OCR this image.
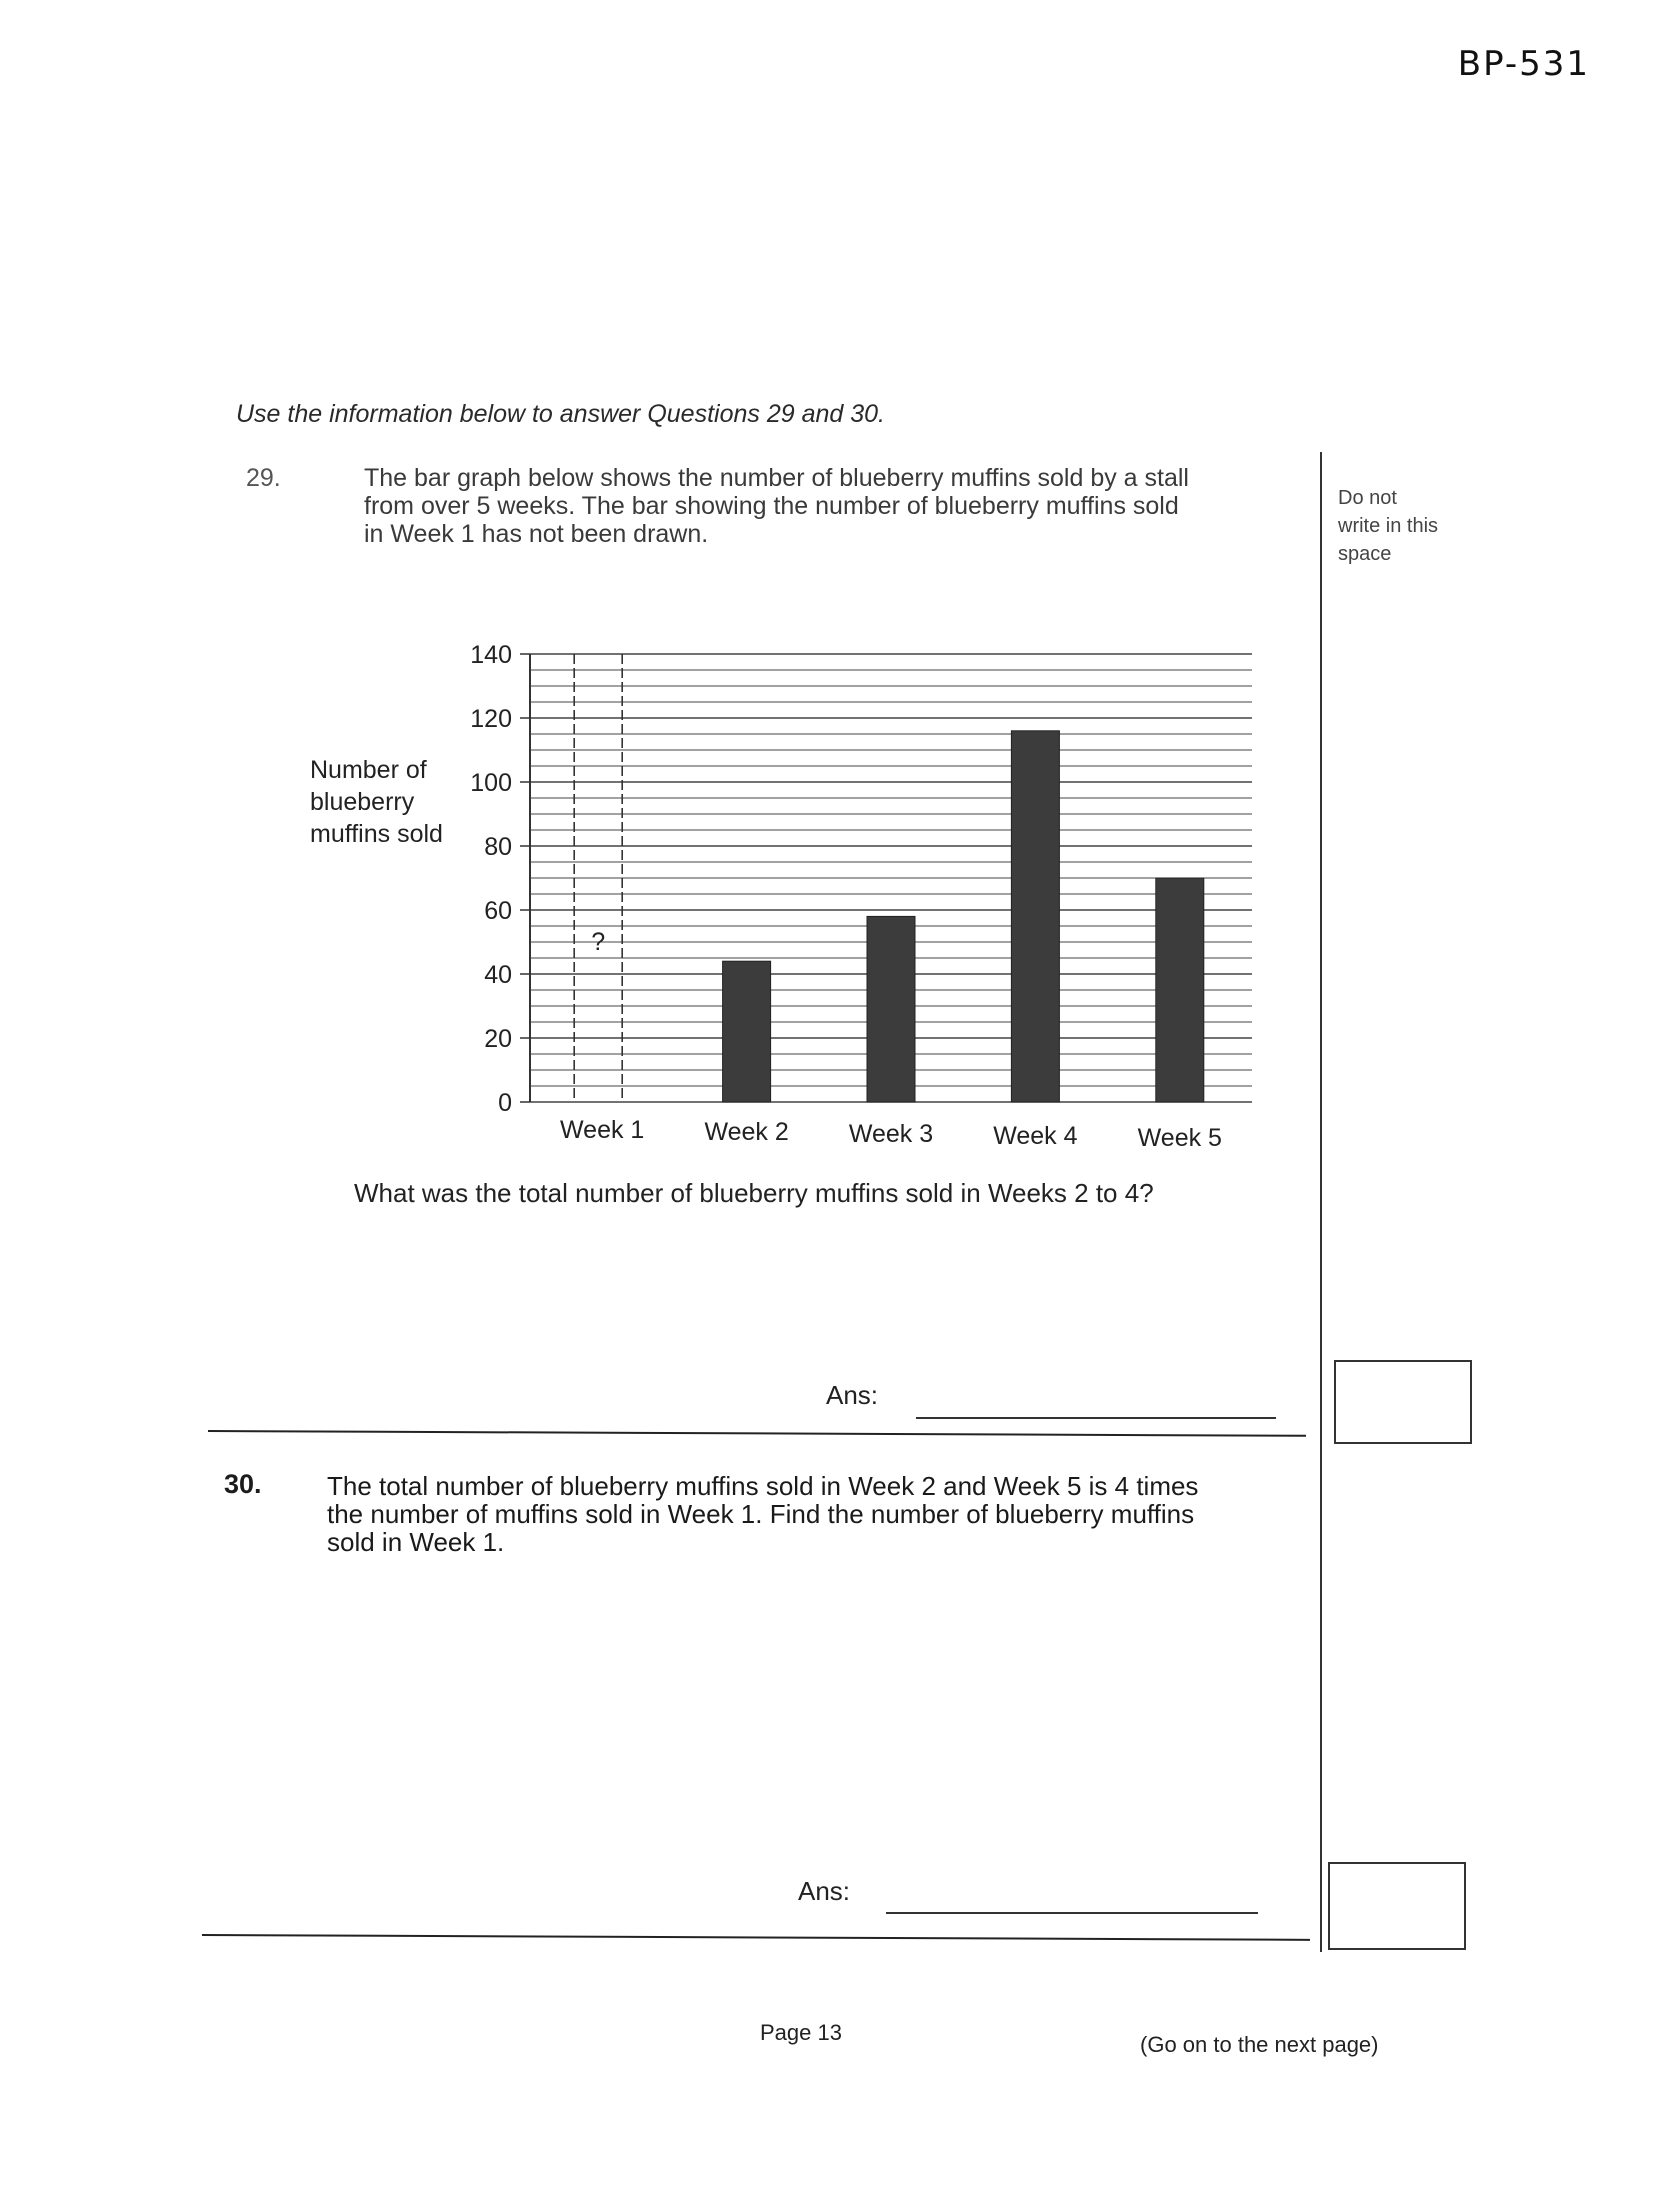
0
20
40
60
80
100
120
140
Week 1 Week 2 Week 3 Week 4 Week 5
Number of
blueberry
muffins sold
?
BP-531
Use the information below to answer Questions 29 and 30.
29.	The bar graph below shows the number of blueberry muffins sold by a stall
from over 5 weeks. The bar showing the number of blueberry muffins sold
in Week 1 has not been drawn.
What was the total number of blueberry muffins sold in Weeks 2 to 4?
Ans:
30.	The total number of blueberry muffins sold in Week 2 and Week 5 is 4 times
the number of muffins sold in Week 1. Find the number of blueberry muffins
sold in Week 1.
Ans:
Do not
write in this
space
Page 13	(Go on to the next page)
